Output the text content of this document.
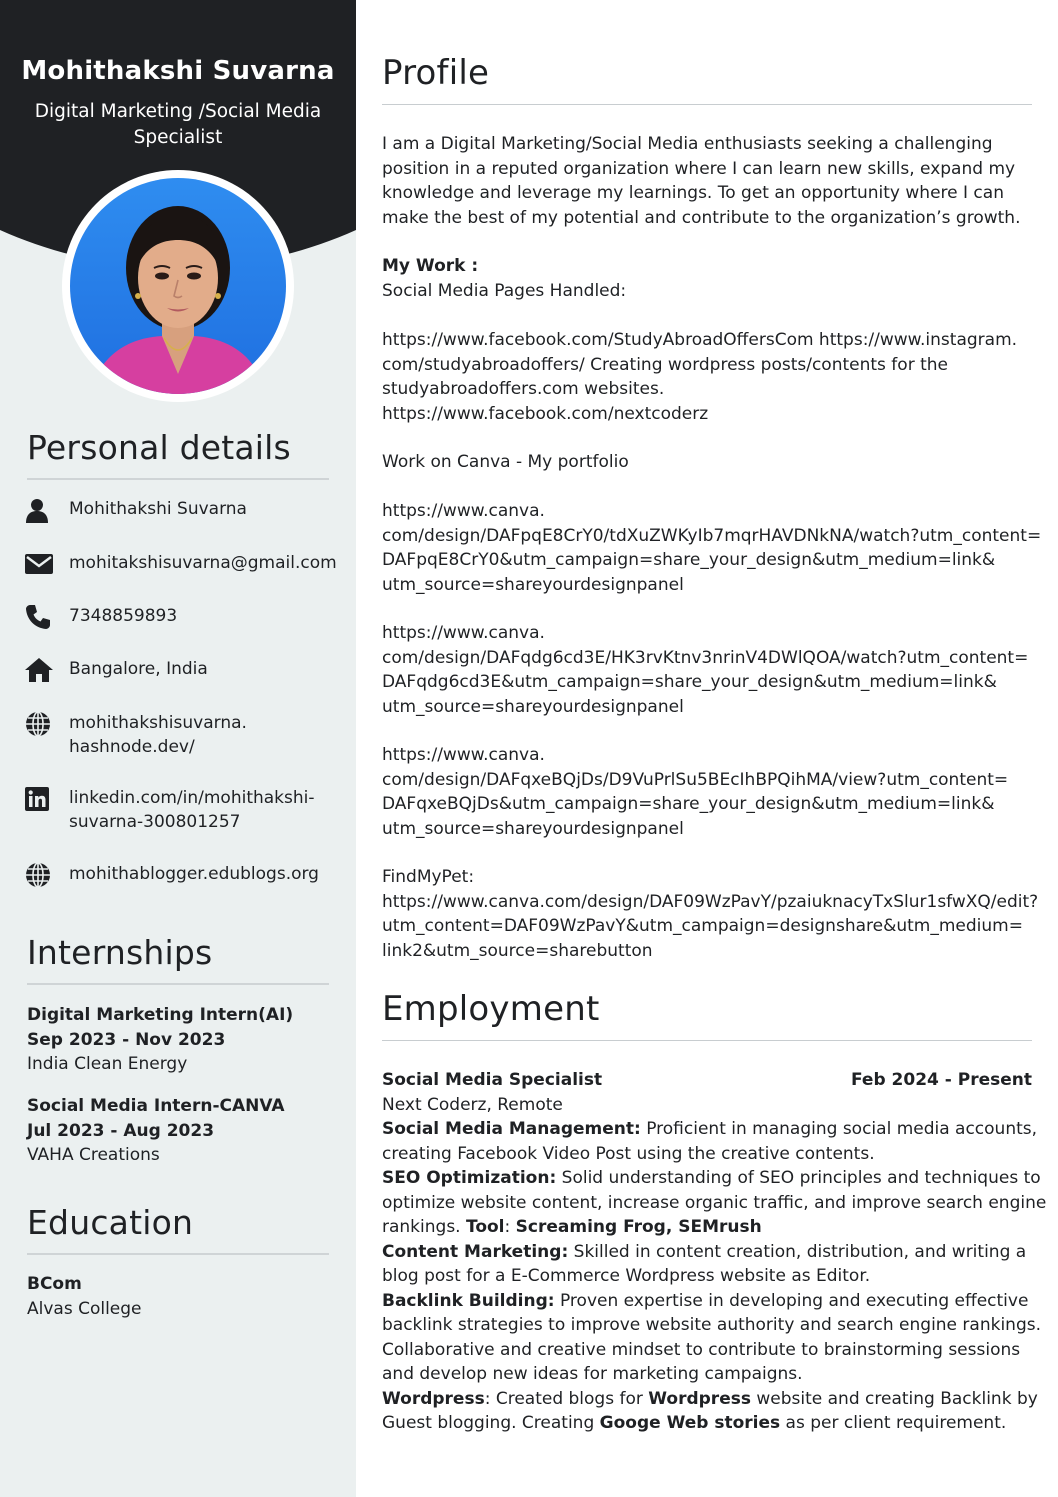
Mohithakshi Suvarna
Digital Marketing /Social Media
Specialist
Personal details
Mohithakshi Suvarna
mohitakshisuvarna@gmail.com
7348859893
Bangalore, India
mohithakshisuvarna.
hashnode.dev/
linkedin.com/in/mohithakshi-
suvarna-300801257
mohithablogger.edublogs.org
Internships
Digital Marketing Intern(AI)
Sep 2023 - Nov 2023
India Clean Energy
Social Media Intern-CANVA
Jul 2023 - Aug 2023
VAHA Creations
Education
BCom
Alvas College
Profile
I am a Digital Marketing/Social Media enthusiasts seeking a challenging
position in a reputed organization where I can learn new skills, expand my
knowledge and leverage my learnings. To get an opportunity where I can
make the best of my potential and contribute to the organization’s growth.
My Work :
Social Media Pages Handled:
https://www.facebook.com/StudyAbroadOffersCom https://www.instagram.
com/studyabroadoffers/ Creating wordpress posts/contents for the
studyabroadoffers.com websites.
https://www.facebook.com/nextcoderz
Work on Canva - My portfolio
https://www.canva.
com/design/DAFpqE8CrY0/tdXuZWKyIb7mqrHAVDNkNA/watch?utm_content=
DAFpqE8CrY0&utm_campaign=share_your_design&utm_medium=link&
utm_source=shareyourdesignpanel
https://www.canva.
com/design/DAFqdg6cd3E/HK3rvKtnv3nrinV4DWlQOA/watch?utm_content=
DAFqdg6cd3E&utm_campaign=share_your_design&utm_medium=link&
utm_source=shareyourdesignpanel
https://www.canva.
com/design/DAFqxeBQjDs/D9VuPrlSu5BEcIhBPQihMA/view?utm_content=
DAFqxeBQjDs&utm_campaign=share_your_design&utm_medium=link&
utm_source=shareyourdesignpanel
FindMyPet:
https://www.canva.com/design/DAF09WzPavY/pzaiuknacyTxSlur1sfwXQ/edit?
utm_content=DAF09WzPavY&utm_campaign=designshare&utm_medium=
link2&utm_source=sharebutton
Employment
Social Media Specialist	Feb 2024 - Present
Next Coderz, Remote
Social Media Management: Proficient in managing social media accounts,
creating Facebook Video Post using the creative contents.
SEO Optimization: Solid understanding of SEO principles and techniques to
optimize website content, increase organic traffic, and improve search engine
rankings. Tool: Screaming Frog, SEMrush
Content Marketing: Skilled in content creation, distribution, and writing a
blog post for a E-Commerce Wordpress website as Editor.
Backlink Building: Proven expertise in developing and executing effective
backlink strategies to improve website authority and search engine rankings.
Collaborative and creative mindset to contribute to brainstorming sessions
and develop new ideas for marketing campaigns.
Wordpress: Created blogs for Wordpress website and creating Backlink by
Guest blogging. Creating Googe Web stories as per client requirement.
